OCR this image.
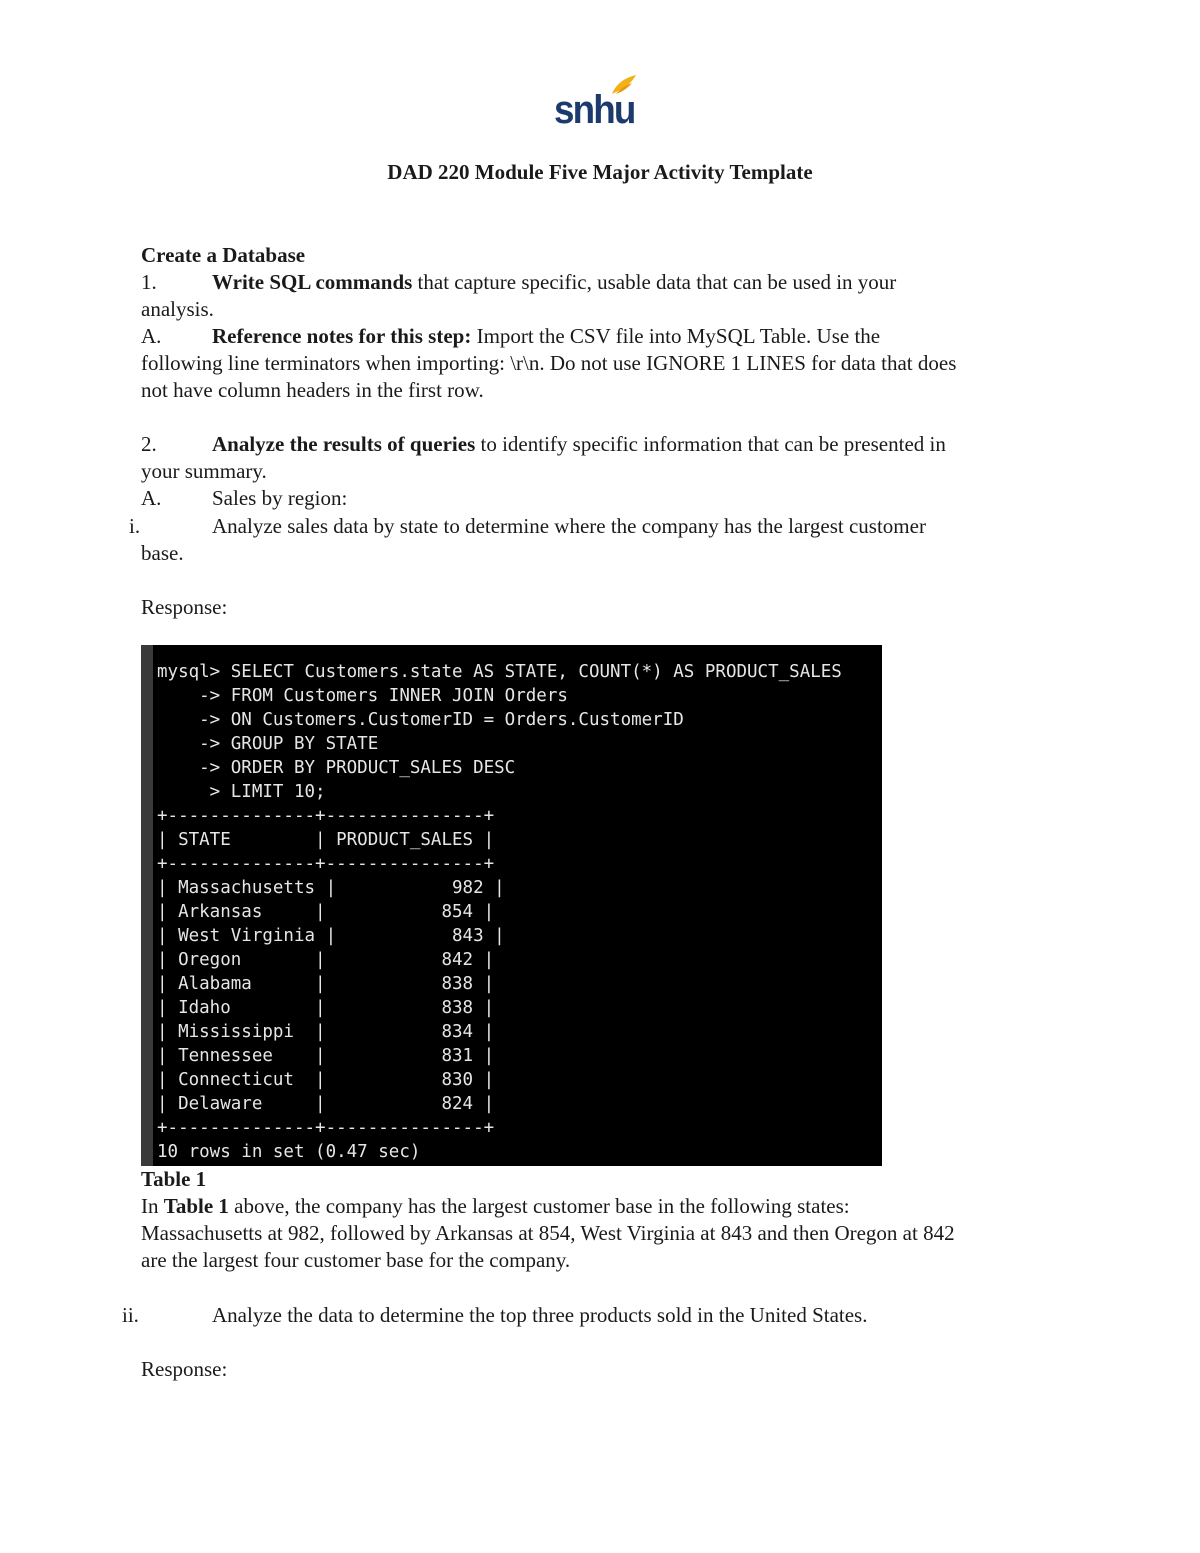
snhu
DAD 220 Module Five Major Activity Template
Create a Database
1.	Write SQL commands that capture specific, usable data that can be used in your
analysis.
A. Reference notes for this step: Import the CSV file into MySQL Table. Use the
following line terminators when importing: \r\n. Do not use IGNORE 1 LINES for data that does
not have column headers in the first row.
2.	Analyze the results of queries to identify specific information that can be presented in
your summary.
A. Sales by region:
i.	Analyze sales data by state to determine where the company has the largest customer
base.
Response:
mysql> SELECT Customers.state AS STATE, COUNT(*) AS PRODUCT_SALES
-> FROM Customers INNER JOIN Orders
-> ON Customers.CustomerID = Orders.CustomerID
-> GROUP BY STATE
-> ORDER BY PRODUCT_SALES DESC
> LIMIT 10;
+--------------+---------------+
| STATE        | PRODUCT_SALES |
+--------------+---------------+
| Massachusetts |           982 |
| Arkansas     |           854 |
| West Virginia |           843 |
| Oregon       |           842 |
| Alabama      |           838 |
| Idaho        |           838 |
| Mississippi  |           834 |
| Tennessee    |           831 |
| Connecticut  |           830 |
| Delaware     |           824 |
+--------------+---------------+
10 rows in set (0.47 sec)
Table 1
In Table 1 above, the company has the largest customer base in the following states:
Massachusetts at 982, followed by Arkansas at 854, West Virginia at 843 and then Oregon at 842
are the largest four customer base for the company.
ii.	Analyze the data to determine the top three products sold in the United States.
Response:
